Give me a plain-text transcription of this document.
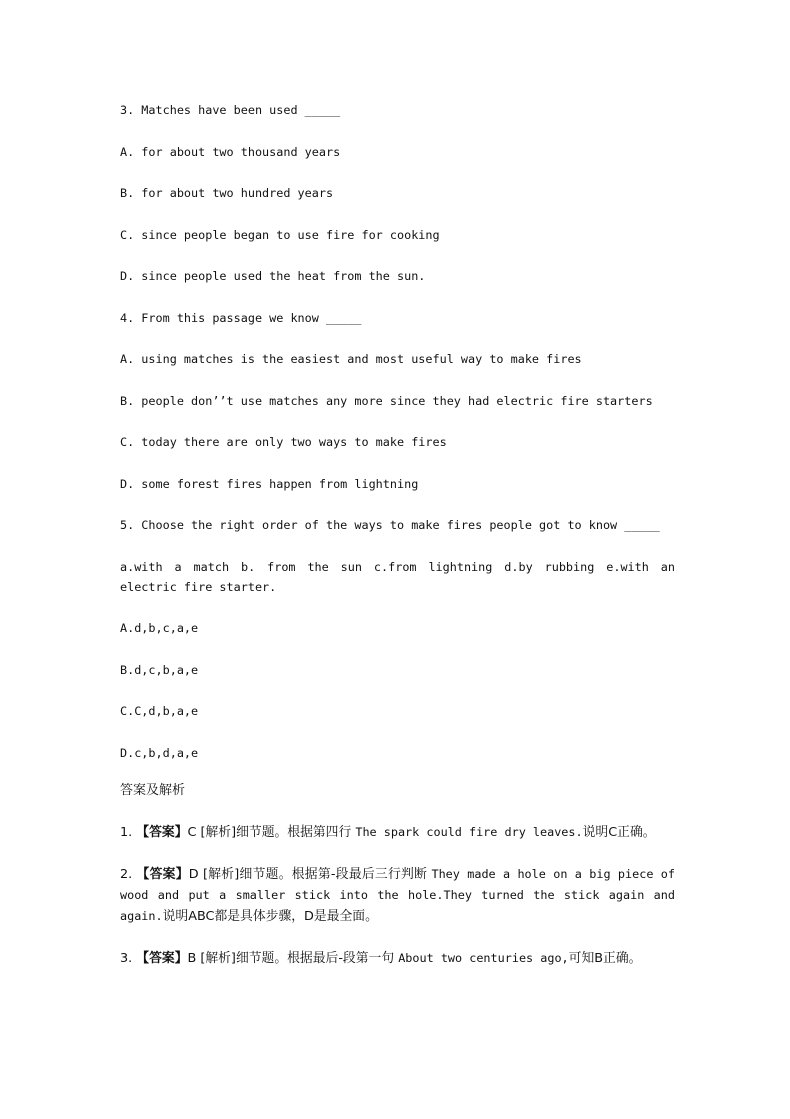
3. Matches have been used _____

A. for about two thousand years

B. for about two hundred years

C. since people began to use fire for cooking

D. since people used the heat from the sun.

4. From this passage we know _____

A. using matches is the easiest and most useful way to make fires

B. people don’’t use matches any more since they had electric fire starters

C. today there are only two ways to make fires

D. some forest fires happen from lightning

5. Choose the right order of the ways to make fires people got to know _____

a.with a match b. from the sun c.from lightning d.by rubbing e.with an electric fire starter.

A.d,b,c,a,e

B.d,c,b,a,e

C.C,d,b,a,e

D.c,b,d,a,e

答案及解析

1. 【答案】C [解析]细节题。根据第四行 The spark could fire dry leaves.说明C正确。

2. 【答案】D [解析]细节题。根据第-段最后三行判断 They made a hole on a big piece of wood and put a smaller stick into the hole.They turned the stick again and again.说明ABC都是具体步骤，D是最全面。

3. 【答案】B [解析]细节题。根据最后-段第一句 About two centuries ago,可知B正确。
